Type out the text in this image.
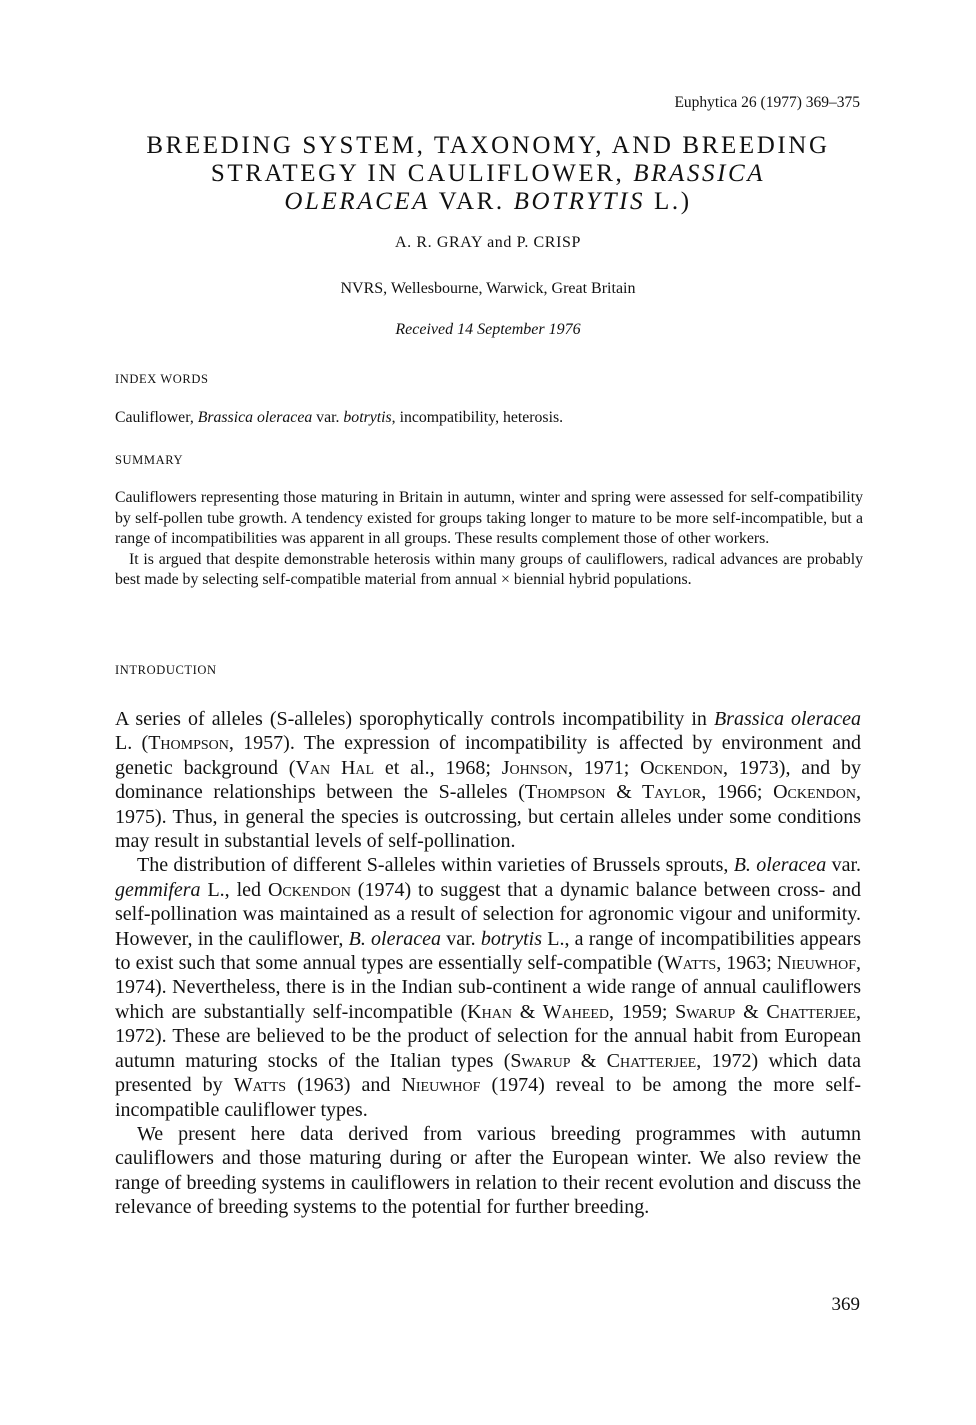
Euphytica 26 (1977) 369–375
BREEDING SYSTEM, TAXONOMY, AND BREEDING
STRATEGY IN CAULIFLOWER, BRASSICA
OLERACEA VAR. BOTRYTIS L.)
A. R. GRAY and P. CRISP
NVRS, Wellesbourne, Warwick, Great Britain
Received 14 September 1976
INDEX WORDS
Cauliflower, Brassica oleracea var. botrytis, incompatibility, heterosis.
SUMMARY

Cauliflowers representing those maturing in Britain in autumn, winter and spring were assessed for self-compatibility by self-pollen tube growth. A tendency existed for groups taking longer to mature to be more self-incompatible, but a range of incompatibilities was apparent in all groups. These results complement those of other workers.

It is argued that despite demonstrable heterosis within many groups of cauliflowers, radical advances are probably best made by selecting self-compatible material from annual × biennial hybrid populations.

INTRODUCTION

A series of alleles (S-alleles) sporophytically controls incompatibility in Brassica oleracea L. (Thompson, 1957). The expression of incompatibility is affected by environment and genetic background (Van Hal et al., 1968; Johnson, 1971; Ockendon, 1973), and by dominance relationships between the S-alleles (Thompson & Taylor, 1966; Ockendon, 1975). Thus, in general the species is outcrossing, but certain alleles under some conditions may result in substantial levels of self-pollination.

The distribution of different S-alleles within varieties of Brussels sprouts, B. oleracea var. gemmifera L., led Ockendon (1974) to suggest that a dynamic balance between cross- and self-pollination was maintained as a result of selection for agronomic vigour and uniformity. However, in the cauliflower, B. oleracea var. botrytis L., a range of incompatibilities appears to exist such that some annual types are essentially self-compatible (Watts, 1963; Nieuwhof, 1974). Nevertheless, there is in the Indian sub-continent a wide range of annual cauliflowers which are substantially self-incompatible (Khan & Waheed, 1959; Swarup & Chatterjee, 1972). These are believed to be the product of selection for the annual habit from European autumn maturing stocks of the Italian types (Swarup & Chatterjee, 1972) which data presented by Watts (1963) and Nieuwhof (1974) reveal to be among the more self-incompatible cauliflower types.

We present here data derived from various breeding programmes with autumn cauliflowers and those maturing during or after the European winter. We also review the range of breeding systems in cauliflowers in relation to their recent evolution and discuss the relevance of breeding systems to the potential for further breeding.

369
